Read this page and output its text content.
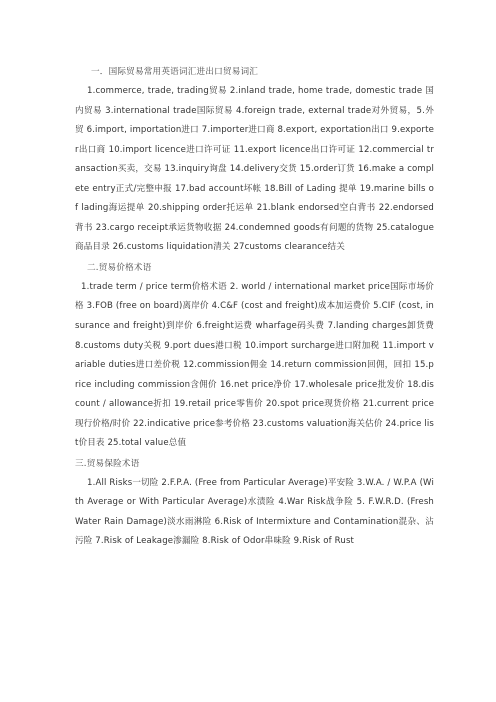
一．国际贸易常用英语词汇进出口贸易词汇

1.commerce, trade, trading贸易 2.inland trade, home trade, domestic trade 国内贸易 3.international trade国际贸易 4.foreign trade, external trade对外贸易，5.外贸 6.import, importation进口 7.importer进口商 8.export, exportation出口 9.exporter出口商 10.import licence进口许可证 11.export licence出口许可证 12.commercial transaction买卖，交易 13.inquiry询盘 14.delivery交货 15.order订货 16.make a complete entry正式/完整申报 17.bad account坏帐 18.Bill of Lading 提单 19.marine bills of lading海运提单 20.shipping order托运单 21.blank endorsed空白背书 22.endorsed背书 23.cargo receipt承运货物收据 24.condemned goods有问题的货物 25.catalogue商品目录 26.customs liquidation清关 27customs clearance结关

二.贸易价格术语

1.trade term / price term价格术语 2. world / international market price国际市场价格 3.FOB (free on board)离岸价 4.C&F (cost and freight)成本加运费价 5.CIF (cost, insurance and freight)到岸价 6.freight运费 wharfage码头费 7.landing charges卸货费 8.customs duty关税 9.port dues港口税 10.import surcharge进口附加税 11.import variable duties进口差价税 12.commission佣金 14.return commission回佣，回扣 15.price including commission含佣价 16.net price净价 17.wholesale price批发价 18.discount / allowance折扣 19.retail price零售价 20.spot price现货价格 21.current price现行价格/时价 22.indicative price参考价格 23.customs valuation海关估价 24.price list价目表 25.total value总值

三.贸易保险术语

1.All Risks一切险 2.F.P.A. (Free from Particular Average)平安险 3.W.A. / W.P.A (With Average or With Particular Average)水渍险 4.War Risk战争险 5. F.W.R.D. (Fresh Water Rain Damage)淡水雨淋险 6.Risk of Intermixture and Contamination混杂、沾污险 7.Risk of Leakage渗漏险 8.Risk of Odor串味险 9.Risk of Rust
